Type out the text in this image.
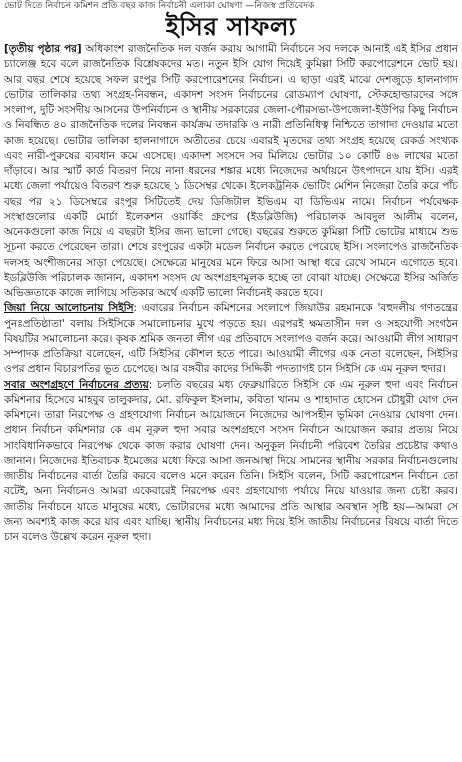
ভোট দিতে নির্বাচন কমিশন প্রতি বছর কাজ নির্বাচনী এলাকা ঘোষণা —নিজস্ব প্রতিবেদক
ইসির সাফল্য

[তৃতীয় পৃষ্ঠার পর] অধিকাংশ রাজনৈতিক দল বর্জন করায় আগামী নির্বাচনে সব দলকে আনাই এই ইসির প্রধান চ্যালেঞ্জ হবে বলে রাজনৈতিক বিশ্লেষকদের মত। নতুন ইসি যোগ দিয়েই কুমিল্লা সিটি করপোরেশনে ভোট হয়। আর বছর শেষে হয়েছে সফল রংপুর সিটি করপোরেশনের নির্বাচন। এ ছাড়া এরই মাঝে দেশজুড়ে হালনাগাদ ভোটার তালিকার তথ্য সংগ্রহ-নিবন্ধন, একাদশ সংসদ নির্বাচনের রোডম্যাপ ঘোষণা, স্টেকহোল্ডারদের সঙ্গে সংলাপ, দুটি সংসদীয় আসনের উপনির্বাচন ও স্থানীয় সরকারের জেলা-পৌরসভা-উপজেলা-ইউপির কিছু নির্বাচন ও নিবন্ধিত ৪০ রাজনৈতিক দলের নিবন্ধন কার্যক্রম তদারকি ও নারী প্রতিনিধিত্ব নিশ্চিতে তাগাদা দেওয়ার মতো কাজ হয়েছে। ভোটার তালিকা হালনাগাদে অতীতের চেয়ে এবারই মৃতদের তথ্য সংগ্রহ হয়েছে রেকর্ড সংখ্যক এবং নারী-পুরুষের ব্যবধান কমে এসেছে। একাদশ সংসদে সব মিলিয়ে ভোটার ১০ কোটি ৪৬ লাখের মতো দাঁড়াবে। আর স্মার্ট কার্ড বিতরণ নিয়ে নানা ধরনের শঙ্কার মধ্যে নিজেদের অর্থায়নে উৎপাদনে যায় ইসি। এরই মধ্যে জেলা পর্যায়েও বিতরণ শুরু হয়েছে ১ ডিসেম্বর থেকে। ইলেকট্রনিক ভোটিং মেশিন নিজেরা তৈরি করে পাঁচ বছর পর ২১ ডিসেম্বরে রংপুর সিটিতেই দেয় ডিজিটাল ইভিএম বা ডিভিএম নামে। নির্বাচন পর্যবেক্ষক সংস্থাগুলোর একটি মোর্চা ইলেকশন ওয়ার্কিং গ্রুপের (ইডব্লিউজি) পরিচালক আবদুল আলীম বলেন, অনেকগুলো কাজ নিয়ে এ বছরটা ইসির জন্য ভালো গেছে। বছরের শুরুতে কুমিল্লা সিটি ভোটের মাধ্যমে শুভ সূচনা করতে পেরেছেন তারা। শেষে রংপুরের একটা মডেল নির্বাচন করতে পেরেছে ইসি। সংলাপেও রাজনৈতিক দলসহ অংশীজনের সাড়া পেয়েছে। সেক্ষেত্রে মানুষের মনে ফিরে আসা আস্থা ধরে রেখে সামনে এগোতে হবে। ইডব্লিউজি পরিচালক জানান, একাদশ সংসদ যে অংশগ্রহণমূলক হচ্ছে তা বোঝা যাচ্ছে। সেক্ষেত্রে ইসির অর্জিত অভিজ্ঞতাকে কাজে লাগিয়ে সতিকার অর্থে একটি ভালো নির্বাচনই করতে হবে।

জিয়া নিয়ে আলোচনায় সিইসি: এবারের নির্বাচন কমিশনের সংলাপে জিয়াউর রহমানকে 'বহুদলীয় গণতন্ত্রের পুনঃপ্রতিষ্ঠাতা' বলায় সিইসিকে সমালোচনার মুখে পড়তে হয়। এরপরই ক্ষমতাসীন দল ও সহযোগী সংগঠন বিষয়টির সমালোচনা করে। কৃষক শ্রমিক জনতা লীগ এর প্রতিবাদে সংলাপও বর্জন করে। আওয়ামী লীগ সাধারণ সম্পাদক প্রতিক্রিয়া বলেছেন, এটি সিইসির কৌশল হতে পারে। আওয়ামী লীগের এক নেতা বলেছেন, সিইসির ওপর প্রধান বিচারপতির ভূত চেপেছে। আর বঙ্গবীর কাদের সিদ্দিকী পদত্যাগই চান সিইসি কে এম নূরুল হুদার।

সবার অংশগ্রহণে নির্বাচনের প্রত্যয়: চলতি বছরের মধ্য ফেব্রুয়ারিতে সিইসি কে এম নূরুল হুদা এবং নির্বাচন কমিশনার হিসেবে মাহবুব তালুকদার, মো. রফিকুল ইসলাম, কবিতা খানম ও শাহাদাত হোসেন চৌধুরী যোগ দেন কমিশনে। তারা নিরপেক্ষ ও গ্রহণযোগ্য নির্বাচন আয়োজনে নিজেদের আপসহীন ভূমিকা নেওয়ার ঘোষণা দেন। প্রধান নির্বাচন কমিশনার কে এম নূরুল হুদা সবার অংশগ্রহণে সংসদ নির্বাচন আয়োজন করার প্রত্যয় নিয়ে সাংবিধানিকভাবে নিরপেক্ষ থেকে কাজ করার ঘোষণা দেন। অনুকূল নির্বাচনী পরিবেশ তৈরির প্রচেষ্টার কথাও জানান। নিজেদের ইতিবাচক ইমেজের মধ্যে ফিরে আসা জনআস্থা দিয়ে সামনের স্থানীয় সরকার নির্বাচনগুলোয় জাতীয় নির্বাচনের বার্তা তৈরি করবে বলেও মনে করেন তিনি। সিইসি বলেন, সিটি করপোরেশন নির্বাচন তো বটেই, অন্য নির্বাচনও আমরা একেবারেই নিরপেক্ষ এবং গ্রহণযোগ্য পর্যায়ে নিয়ে যাওয়ার জন্য চেষ্টা করব। জাতীয় নির্বাচনে যাতে মানুষের মধ্যে, ভোটারদের মধ্যে আমাদের প্রতি আস্থার অবস্থান সৃষ্টি হয়—আমরা সে জন্য অবশ্যই কাজ করে যাব এবং যাচ্ছি। স্থানীয় নির্বাচনের মধ্য দিয়ে ইসি জাতীয় নির্বাচনের বিষয়ে বার্তা দিতে চান বলেও উল্লেখ করেন নূরুল হুদা।
